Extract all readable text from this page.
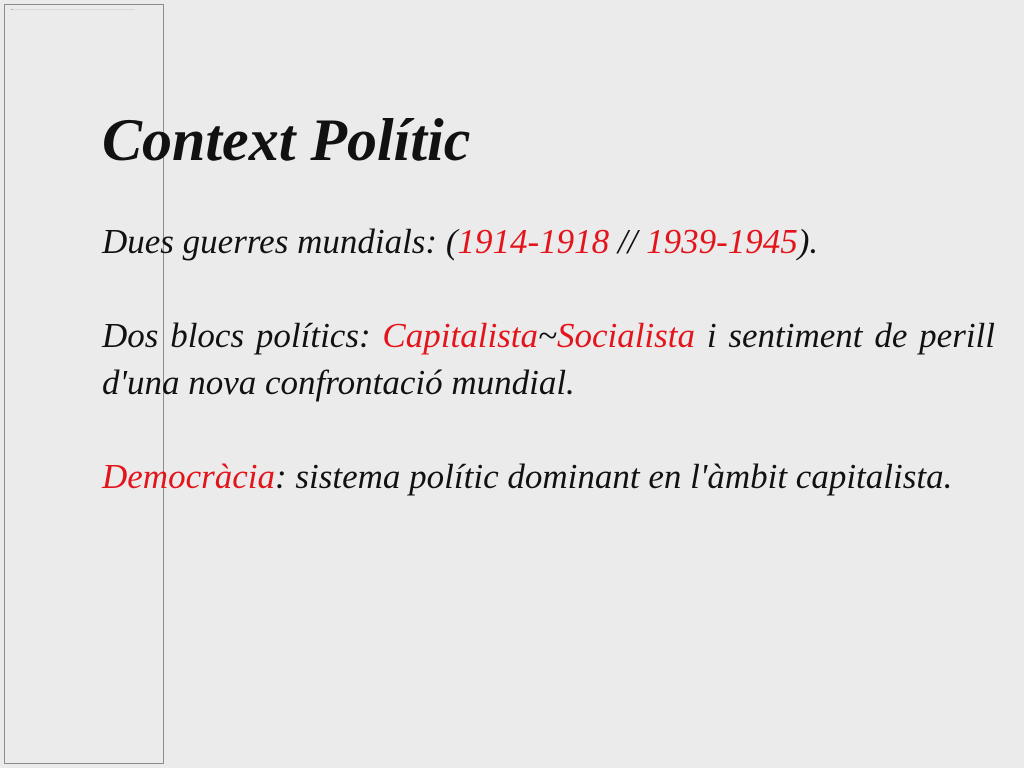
El ~~~~~~~~~~~~~~~~~~~~~~~~~~~~~~~~~~~~~~~~~~~~~~~~~~~~~~~~~~~~~~~~~~~~~~~~~~~~~~~~~~~~~~~~~~~~~~~~~~~~~~~~
Context Polític

Dues guerres mundials: (1914-1918 // 1939-1945).

Dos blocs polítics: Capitalista~Socialista i sentiment de perill d'una nova confrontació mundial.

Democràcia: sistema polític dominant en l'àmbit capitalista.
